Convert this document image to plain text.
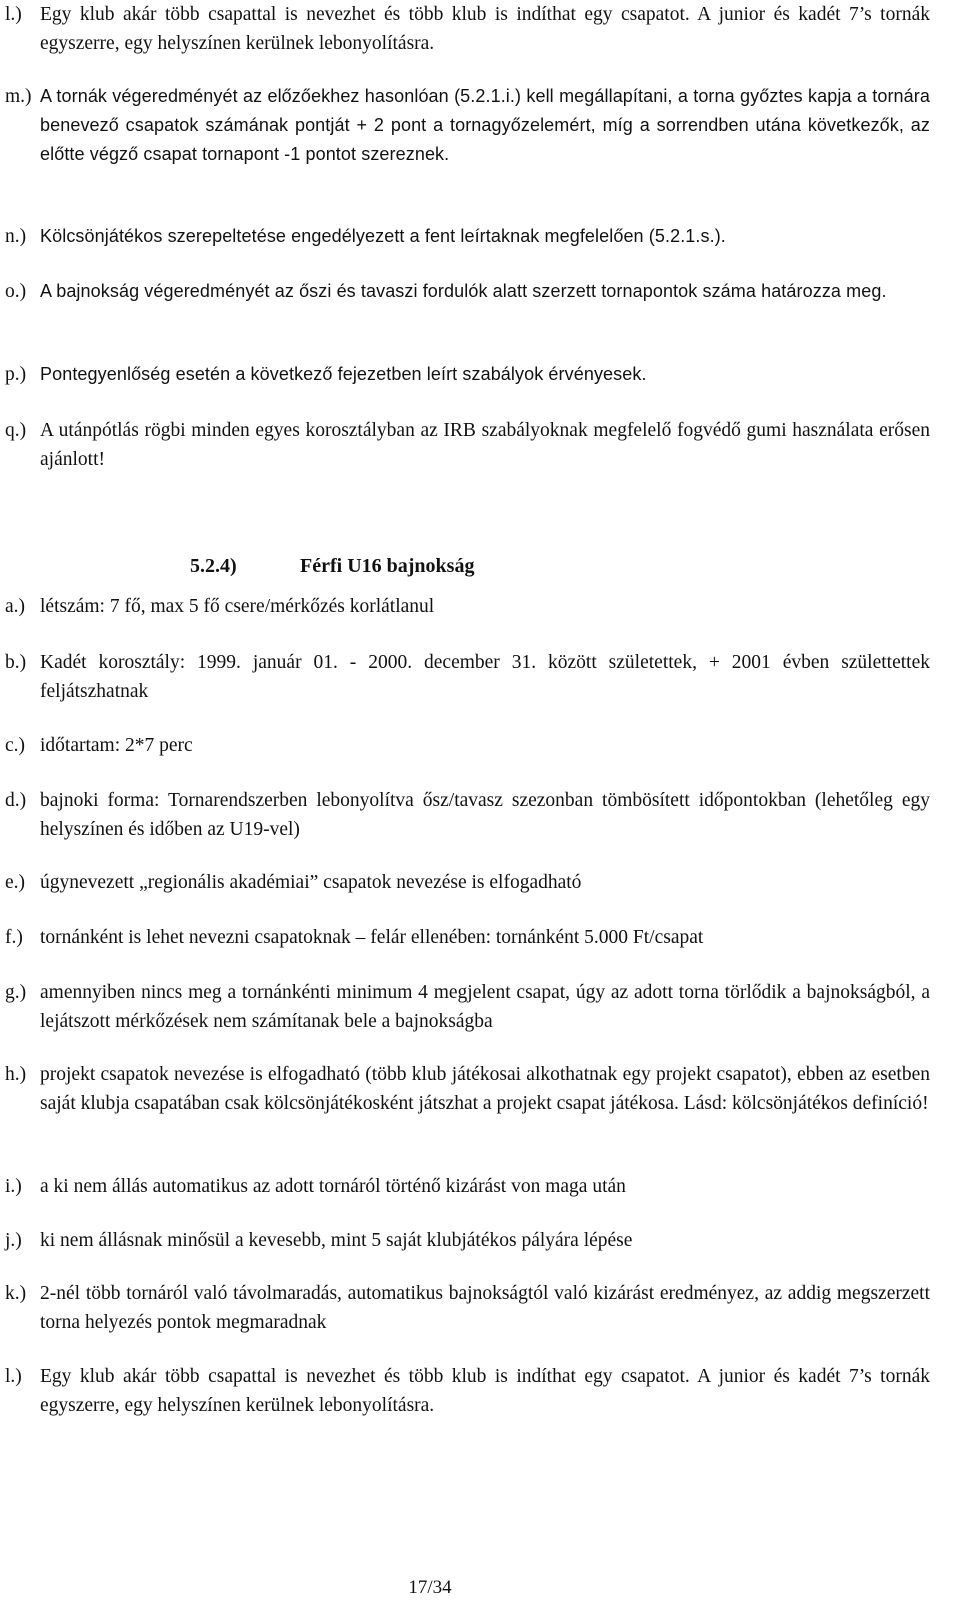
l.) Egy klub akár több csapattal is nevezhet és több klub is indíthat egy csapatot. A junior és kadét 7’s tornák egyszerre, egy helyszínen kerülnek lebonyolításra.
m.) A tornák végeredményét az előzőekhez hasonlóan (5.2.1.i.) kell megállapítani, a torna győztes kapja a tornára benevező csapatok számának pontját + 2 pont a tornagyőzelemért, míg a sorrendben utána következők, az előtte végző csapat tornapont -1 pontot szereznek.
n.) Kölcsönjátékos szerepeltetése engedélyezett a fent leírtaknak megfelelően (5.2.1.s.).
o.) A bajnokság végeredményét az őszi és tavaszi fordulók alatt szerzett tornapontok száma határozza meg.
p.) Pontegyenlőség esetén a következő fejezetben leírt szabályok érvényesek.
q.) A utánpótlás rögbi minden egyes korosztályban az IRB szabályoknak megfelelő fogvédő gumi használata erősen ajánlott!
5.2.4)	Férfi U16 bajnokság
a.) létszám: 7 fő, max 5 fő csere/mérkőzés korlátlanul
b.) Kadét korosztály: 1999. január 01. - 2000. december 31. között születettek, + 2001 évben születtettek feljátszhatnak
c.) időtartam: 2*7 perc
d.) bajnoki forma: Tornarendszerben lebonyolítva ősz/tavasz szezonban tömbösített időpontokban (lehetőleg egy helyszínen és időben az U19-vel)
e.) úgynevezett „regionális akadémiai” csapatok nevezése is elfogadható
f.) tornánként is lehet nevezni csapatoknak – felár ellenében: tornánként 5.000 Ft/csapat
g.) amennyiben nincs meg a tornánkénti minimum 4 megjelent csapat, úgy az adott torna törlődik a bajnokságból, a lejátszott mérkőzések nem számítanak bele a bajnokságba
h.) projekt csapatok nevezése is elfogadható (több klub játékosai alkothatnak egy projekt csapatot), ebben az esetben saját klubja csapatában csak kölcsönjátékosként játszhat a projekt csapat játékosa. Lásd: kölcsönjátékos definíció!
i.) a ki nem állás automatikus az adott tornáról történő kizárást von maga után
j.) ki nem állásnak minősül a kevesebb, mint 5 saját klubjátékos pályára lépése
k.) 2-nél több tornáról való távolmaradás, automatikus bajnokságtól való kizárást eredményez, az addig megszerzett torna helyezés pontok megmaradnak
l.) Egy klub akár több csapattal is nevezhet és több klub is indíthat egy csapatot. A junior és kadét 7’s tornák egyszerre, egy helyszínen kerülnek lebonyolításra.
17/34
